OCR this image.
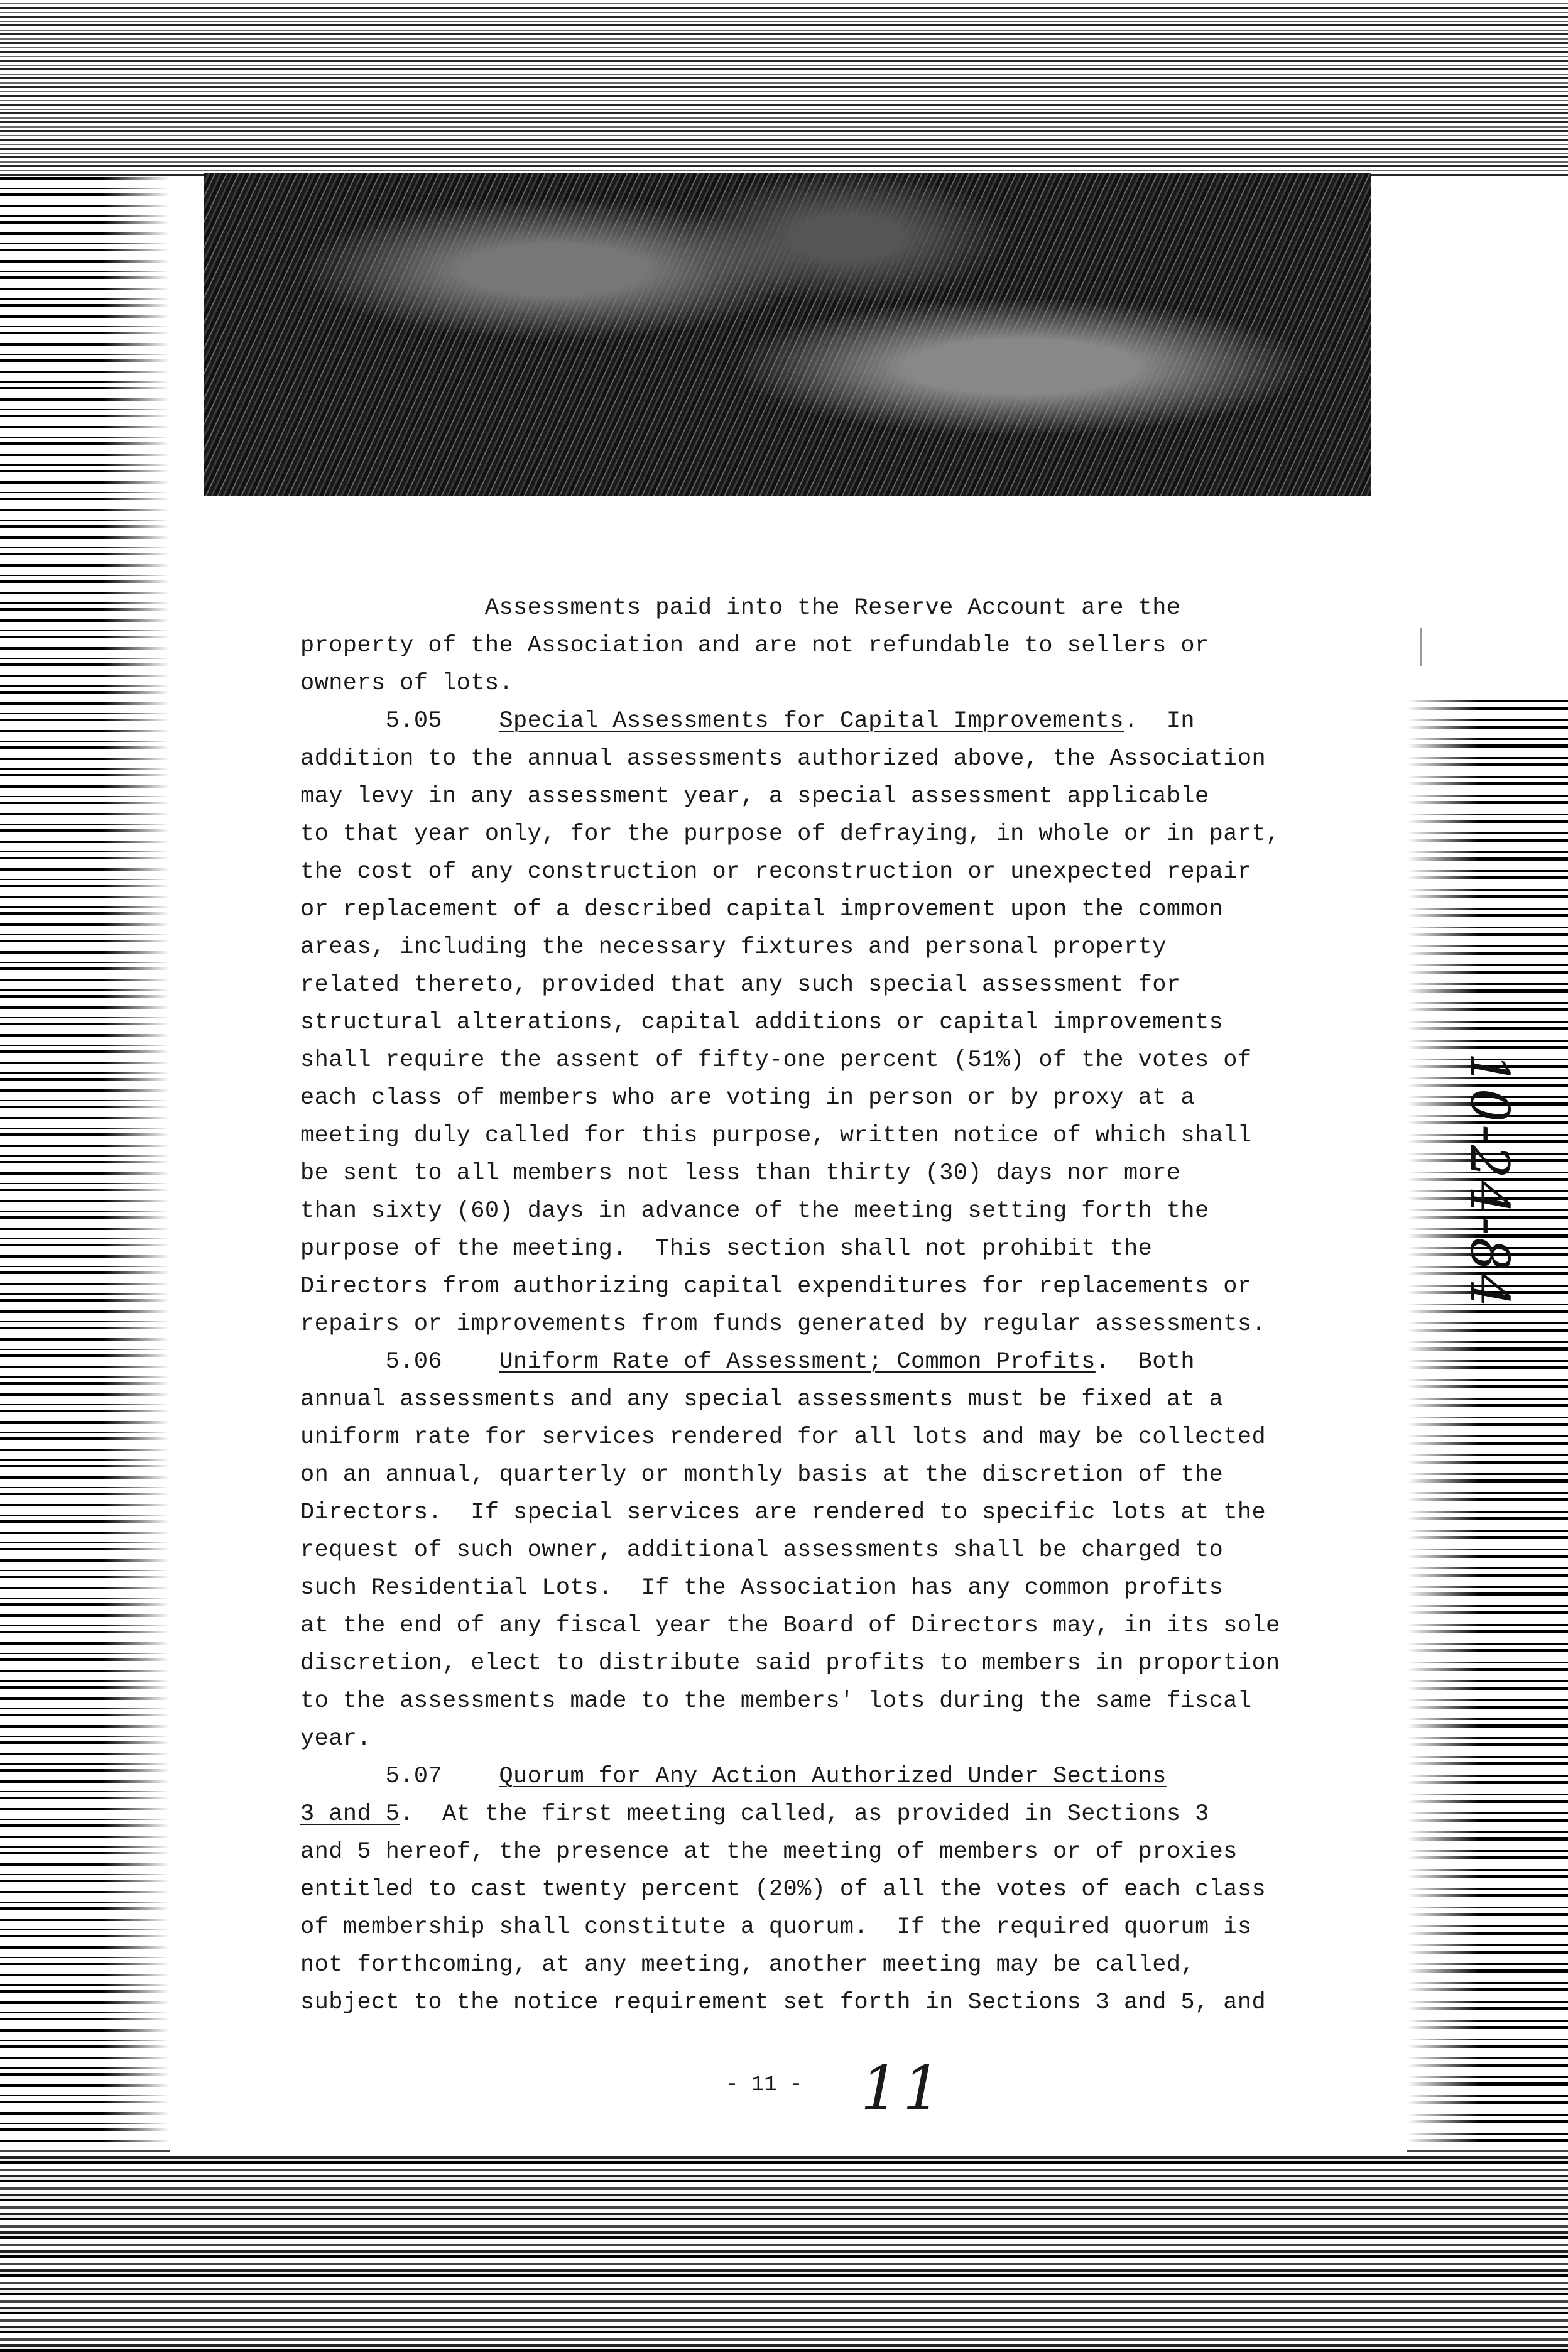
Assessments paid into the Reserve Account are the
property of the Association and are not refundable to sellers or
owners of lots.
5.05    Special Assessments for Capital Improvements.  In
addition to the annual assessments authorized above, the Association
may levy in any assessment year, a special assessment applicable
to that year only, for the purpose of defraying, in whole or in part,
the cost of any construction or reconstruction or unexpected repair
or replacement of a described capital improvement upon the common
areas, including the necessary fixtures and personal property
related thereto, provided that any such special assessment for
structural alterations, capital additions or capital improvements
shall require the assent of fifty-one percent (51%) of the votes of
each class of members who are voting in person or by proxy at a
meeting duly called for this purpose, written notice of which shall
be sent to all members not less than thirty (30) days nor more
than sixty (60) days in advance of the meeting setting forth the
purpose of the meeting.  This section shall not prohibit the
Directors from authorizing capital expenditures for replacements or
repairs or improvements from funds generated by regular assessments.
5.06    Uniform Rate of Assessment; Common Profits.  Both
annual assessments and any special assessments must be fixed at a
uniform rate for services rendered for all lots and may be collected
on an annual, quarterly or monthly basis at the discretion of the
Directors.  If special services are rendered to specific lots at the
request of such owner, additional assessments shall be charged to
such Residential Lots.  If the Association has any common profits
at the end of any fiscal year the Board of Directors may, in its sole
discretion, elect to distribute said profits to members in proportion
to the assessments made to the members' lots during the same fiscal
year.
5.07    Quorum for Any Action Authorized Under Sections
3 and 5.  At the first meeting called, as provided in Sections 3
and 5 hereof, the presence at the meeting of members or of proxies
entitled to cast twenty percent (20%) of all the votes of each class
of membership shall constitute a quorum.  If the required quorum is
not forthcoming, at any meeting, another meeting may be called,
subject to the notice requirement set forth in Sections 3 and 5, and
- 11 - 11
10-24-84
